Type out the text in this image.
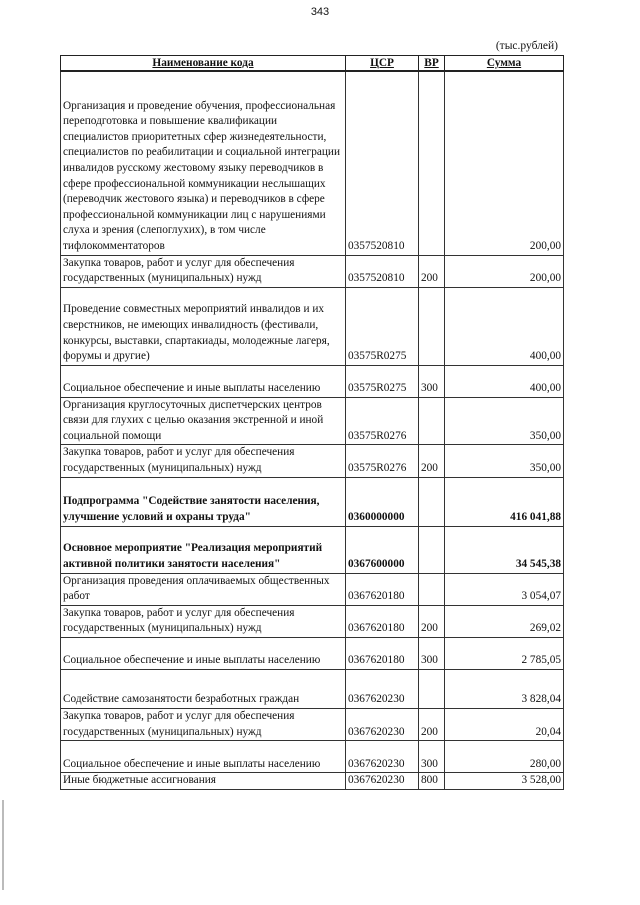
343
(тыс.рублей)
Наименование кода	ЦСР	ВР	Сумма
Организация и проведение обучения, профессиональная переподготовка и повышение квалификации специалистов приоритетных сфер жизнедеятельности, специалистов по реабилитации и социальной интеграции инвалидов русскому жестовому языку переводчиков в сфере профессиональной коммуникации неслышащих (переводчик жестового языка) и переводчиков в сфере профессиональной коммуникации лиц с нарушениями слуха и зрения (слепоглухих), в том числе тифлокомментаторов	0357520810		200,00
Закупка товаров, работ и услуг для обеспечения государственных (муниципальных) нужд	0357520810	200	200,00
Проведение совместных мероприятий инвалидов и их сверстников, не имеющих инвалидность (фестивали, конкурсы, выставки, спартакиады, молодежные лагеря, форумы и другие)	03575R0275		400,00
Социальное обеспечение и иные выплаты населению	03575R0275	300	400,00
Организация круглосуточных диспетчерских центров связи для глухих с целью оказания экстренной и иной социальной помощи	03575R0276		350,00
Закупка товаров, работ и услуг для обеспечения государственных (муниципальных) нужд	03575R0276	200	350,00
Подпрограмма "Содействие занятости населения, улучшение условий и охраны труда"	0360000000		416 041,88
Основное мероприятие "Реализация мероприятий активной политики занятости населения"	0367600000		34 545,38
Организация проведения оплачиваемых общественных работ	0367620180		3 054,07
Закупка товаров, работ и услуг для обеспечения государственных (муниципальных) нужд	0367620180	200	269,02
Социальное обеспечение и иные выплаты населению	0367620180	300	2 785,05
Содействие самозанятости безработных граждан	0367620230		3 828,04
Закупка товаров, работ и услуг для обеспечения государственных (муниципальных) нужд	0367620230	200	20,04
Социальное обеспечение и иные выплаты населению	0367620230	300	280,00
Иные бюджетные ассигнования	0367620230	800	3 528,00
